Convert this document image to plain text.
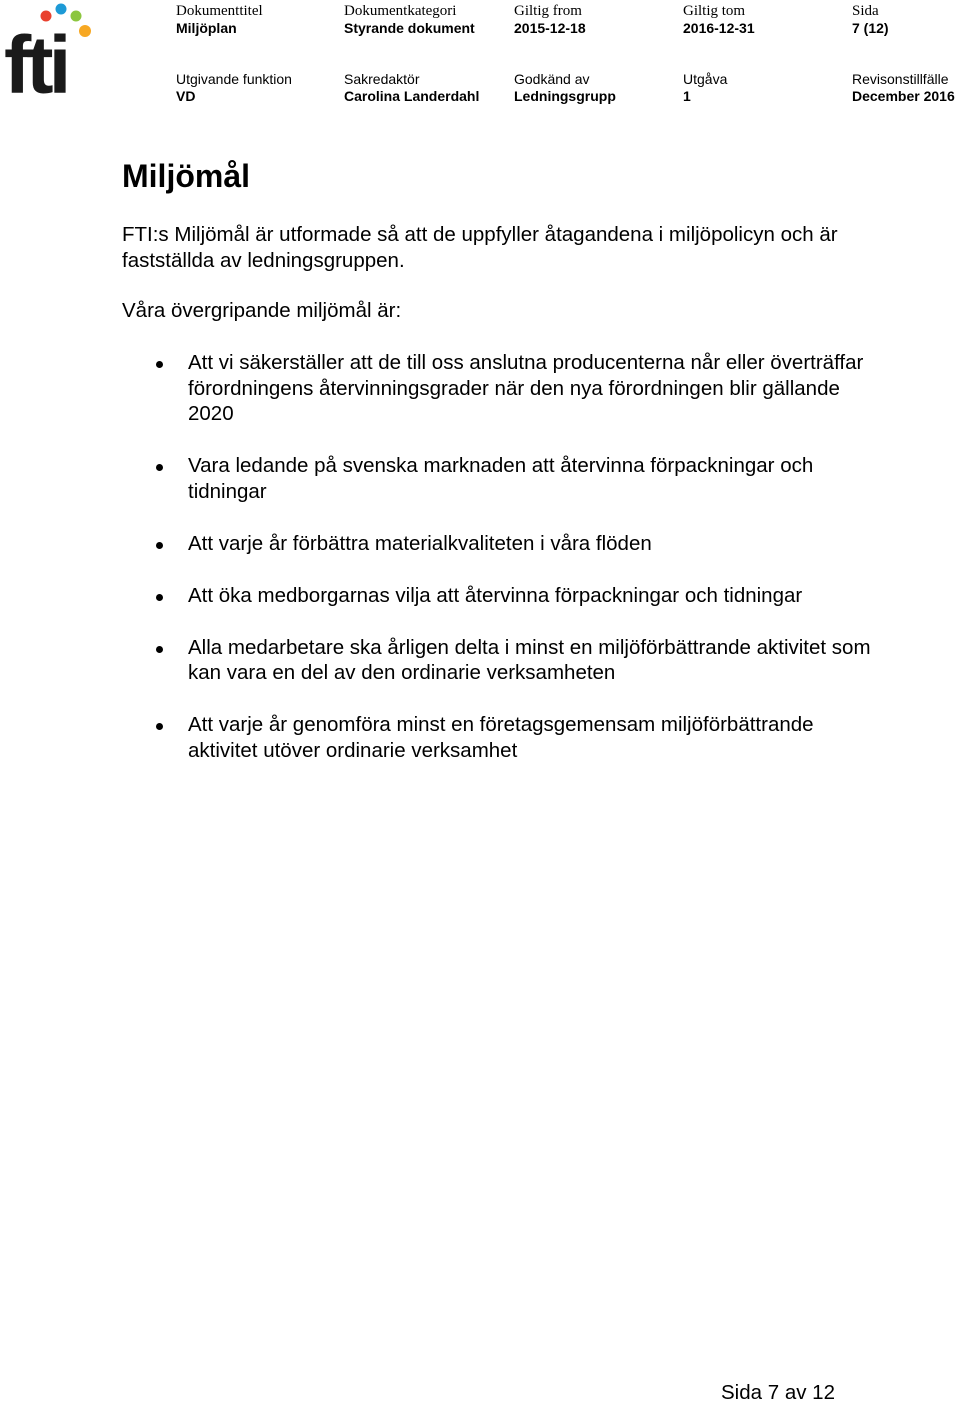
fti
Dokumenttitel
Miljöplan
Dokumentkategori
Styrande dokument
Giltig from
2015-12-18
Giltig tom
2016-12-31
Sida
7 (12)
Utgivande funktion
VD
Sakredaktör
Carolina Landerdahl
Godkänd av
Ledningsgrupp
Utgåva
1
Revisonstillfälle
December 2016
Miljömål

FTI:s Miljömål är utformade så att de uppfyller åtagandena i miljöpolicyn och är fastställda av ledningsgruppen.

Våra övergripande miljömål är:

Att vi säkerställer att de till oss anslutna producenterna når eller överträffar förordningens återvinningsgrader när den nya förordningen blir gällande 2020
Vara ledande på svenska marknaden att återvinna förpackningar och tidningar
Att varje år förbättra materialkvaliteten i våra flöden
Att öka medborgarnas vilja att återvinna förpackningar och tidningar
Alla medarbetare ska årligen delta i minst en miljöförbättrande aktivitet som kan vara en del av den ordinarie verksamheten
Att varje år genomföra minst en företagsgemensam miljöförbättrande aktivitet utöver ordinarie verksamhet
Sida 7 av 12
